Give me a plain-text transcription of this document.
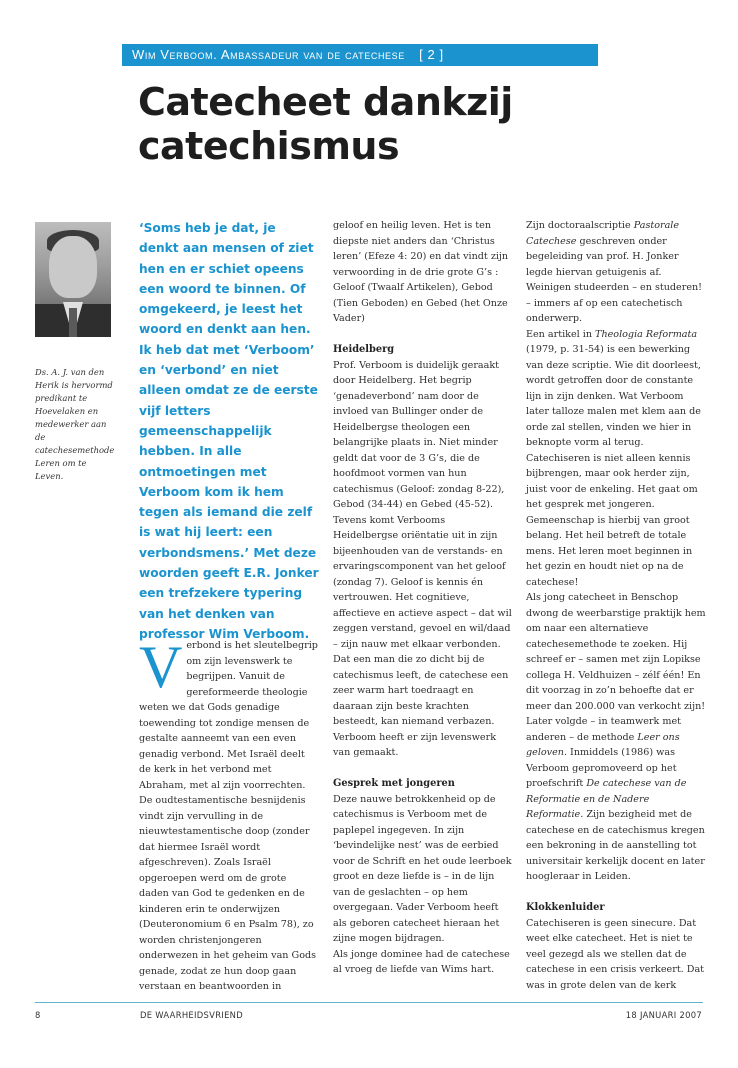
Wim Verboom. Ambassadeur van de catechese [ 2 ]
Catecheet dankzij catechismus
Ds. A. J. van den Herik is hervormd predikant te Hoevelaken en medewerker aan de catechesemethode Leren om te Leven.

‘Soms heb je dat, je denkt aan mensen of ziet hen en er schiet opeens een woord te binnen. Of omgekeerd, je leest het woord en denkt aan hen. Ik heb dat met ‘Verboom’ en ‘verbond’ en niet alleen omdat ze de eerste vijf letters gemeenschappelijk hebben. In alle ontmoetingen met Verboom kom ik hem tegen als iemand die zelf is wat hij leert: een verbondsmens.’ Met deze woorden geeft E.R. Jonker een trefzekere typering van het denken van professor Wim Verboom.

V erbond is het sleutelbegrip om zijn levenswerk te begrijpen. Vanuit de gereformeerde theologie weten we dat Gods genadige toewending tot zondige mensen de gestalte aanneemt van een even genadig verbond. Met Israël deelt de kerk in het verbond met Abraham, met al zijn voorrechten. De oudtestamentische besnijdenis vindt zijn vervulling in de nieuwtestamentische doop (zonder dat hiermee Israël wordt afgeschreven). Zoals Israël opgeroepen werd om de grote daden van God te gedenken en de kinderen erin te onderwijzen (Deuteronomium 6 en Psalm 78), zo worden christenjongeren onderwezen in het geheim van Gods genade, zodat ze hun doop gaan verstaan en beantwoorden in

geloof en heilig leven. Het is ten diepste niet anders dan ‘Christus leren’ (Efeze 4: 20) en dat vindt zijn verwoording in de drie grote G’s : Geloof (Twaalf Artikelen), Gebod (Tien Geboden) en Gebed (het Onze Vader)

Heidelberg

Prof. Verboom is duidelijk geraakt door Heidelberg. Het begrip ‘genadeverbond’ nam door de invloed van Bullinger onder de Heidelbergse theologen een belangrijke plaats in. Niet minder geldt dat voor de 3 G’s, die de hoofdmoot vormen van hun catechismus (Geloof: zondag 8-22), Gebod (34-44) en Gebed (45-52). Tevens komt Verbooms Heidelbergse oriëntatie uit in zijn bijeenhouden van de verstands- en ervaringscomponent van het geloof (zondag 7). Geloof is kennis én vertrouwen. Het cognitieve, affectieve en actieve aspect – dat wil zeggen verstand, gevoel en wil/daad – zijn nauw met elkaar verbonden.

Dat een man die zo dicht bij de catechismus leeft, de catechese een zeer warm hart toedraagt en daaraan zijn beste krachten besteedt, kan niemand verbazen. Verboom heeft er zijn levenswerk van gemaakt.

Gesprek met jongeren

Deze nauwe betrokkenheid op de catechismus is Verboom met de paplepel ingegeven. In zijn ‘bevindelijke nest’ was de eerbied voor de Schrift en het oude leerboek groot en deze liefde is – in de lijn van de geslachten – op hem overgegaan. Vader Verboom heeft als geboren catecheet hieraan het zijne mogen bijdragen.

Als jonge dominee had de catechese al vroeg de liefde van Wims hart.

Zijn doctoraalscriptie Pastorale Catechese geschreven onder begeleiding van prof. H. Jonker legde hiervan getuigenis af. Weinigen studeerden – en studeren! – immers af op een catechetisch onderwerp.

Een artikel in Theologia Reformata (1979, p. 31-54) is een bewerking van deze scriptie. Wie dit doorleest, wordt getroffen door de constante lijn in zijn denken. Wat Verboom later talloze malen met klem aan de orde zal stellen, vinden we hier in beknopte vorm al terug. Catechiseren is niet alleen kennis bijbrengen, maar ook herder zijn, juist voor de enkeling. Het gaat om het gesprek met jongeren. Gemeenschap is hierbij van groot belang. Het heil betreft de totale mens. Het leren moet beginnen in het gezin en houdt niet op na de catechese!

Als jong catecheet in Benschop dwong de weerbarstige praktijk hem om naar een alternatieve catechesemethode te zoeken. Hij schreef er – samen met zijn Lopikse collega H. Veldhuizen – zélf één! En dit voorzag in zo’n behoefte dat er meer dan 200.000 van verkocht zijn! Later volgde – in teamwerk met anderen – de methode Leer ons geloven. Inmiddels (1986) was Verboom gepromoveerd op het proefschrift De catechese van de Reformatie en de Nadere Reformatie. Zijn bezigheid met de catechese en de catechismus kregen een bekroning in de aanstelling tot universitair kerkelijk docent en later hoogleraar in Leiden.

Klokkenluider

Catechiseren is geen sinecure. Dat weet elke catecheet. Het is niet te veel gezegd als we stellen dat de catechese in een crisis verkeert. Dat was in grote delen van de kerk

8	DE WAARHEIDSVRIEND	18 JANUARI 2007
